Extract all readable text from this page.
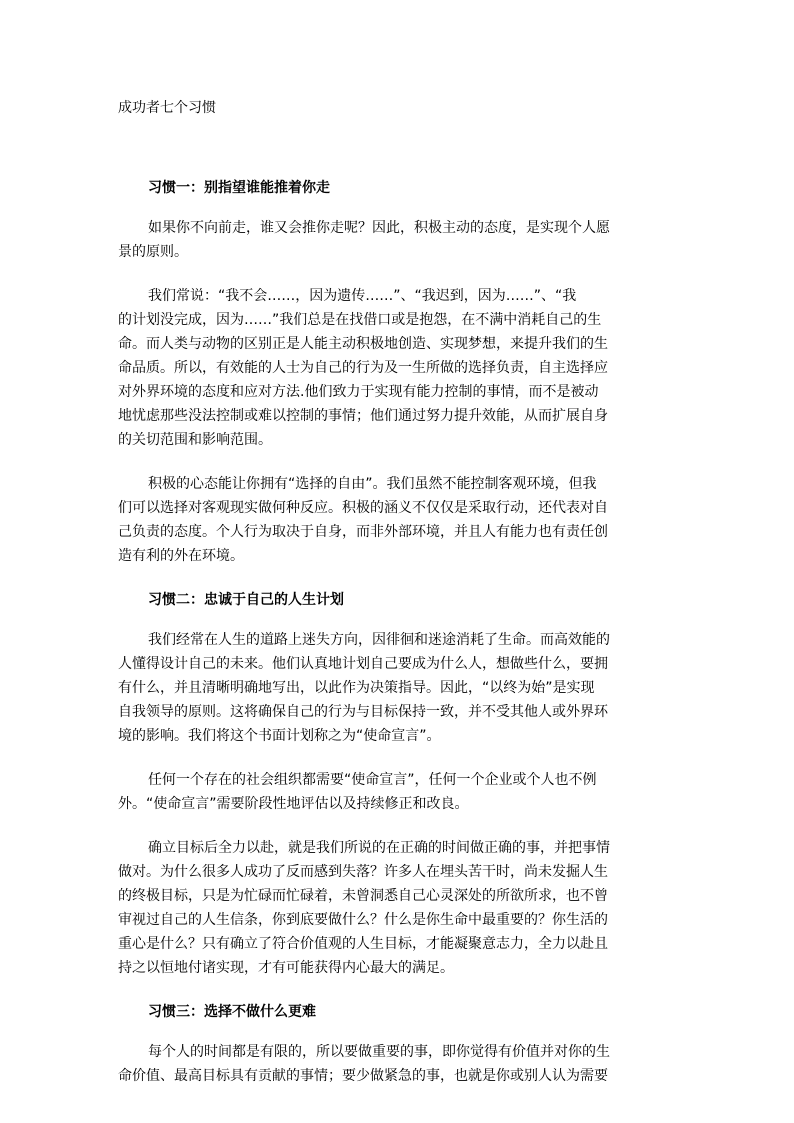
成功者七个习惯
习惯一：别指望谁能推着你走
如果你不向前走，谁又会推你走呢？因此，积极主动的态度，是实现个人愿
景的原则。
我们常说：“我不会……，因为遗传……”、“我迟到，因为……”、“我
的计划没完成，因为……”我们总是在找借口或是抱怨，在不满中消耗自己的生
命。而人类与动物的区别正是人能主动积极地创造、实现梦想，来提升我们的生
命品质。所以，有效能的人士为自己的行为及一生所做的选择负责，自主选择应
对外界环境的态度和应对方法.他们致力于实现有能力控制的事情，而不是被动
地忧虑那些没法控制或难以控制的事情；他们通过努力提升效能，从而扩展自身
的关切范围和影响范围。
积极的心态能让你拥有“选择的自由”。我们虽然不能控制客观环境，但我
们可以选择对客观现实做何种反应。积极的涵义不仅仅是采取行动，还代表对自
己负责的态度。个人行为取决于自身，而非外部环境，并且人有能力也有责任创
造有利的外在环境。
习惯二：忠诚于自己的人生计划
我们经常在人生的道路上迷失方向，因徘徊和迷途消耗了生命。而高效能的
人懂得设计自己的未来。他们认真地计划自己要成为什么人，想做些什么，要拥
有什么，并且清晰明确地写出，以此作为决策指导。因此，“以终为始”是实现
自我领导的原则。这将确保自己的行为与目标保持一致，并不受其他人或外界环
境的影响。我们将这个书面计划称之为“使命宣言”。
任何一个存在的社会组织都需要“使命宣言”，任何一个企业或个人也不例
外。“使命宣言”需要阶段性地评估以及持续修正和改良。
确立目标后全力以赴，就是我们所说的在正确的时间做正确的事，并把事情
做对。为什么很多人成功了反而感到失落？许多人在埋头苦干时，尚未发掘人生
的终极目标，只是为忙碌而忙碌着，未曾洞悉自己心灵深处的所欲所求，也不曾
审视过自己的人生信条，你到底要做什么？什么是你生命中最重要的？你生活的
重心是什么？只有确立了符合价值观的人生目标，才能凝聚意志力，全力以赴且
持之以恒地付诸实现，才有可能获得内心最大的满足。
习惯三：选择不做什么更难
每个人的时间都是有限的，所以要做重要的事，即你觉得有价值并对你的生
命价值、最高目标具有贡献的事情；要少做紧急的事，也就是你或别人认为需要
